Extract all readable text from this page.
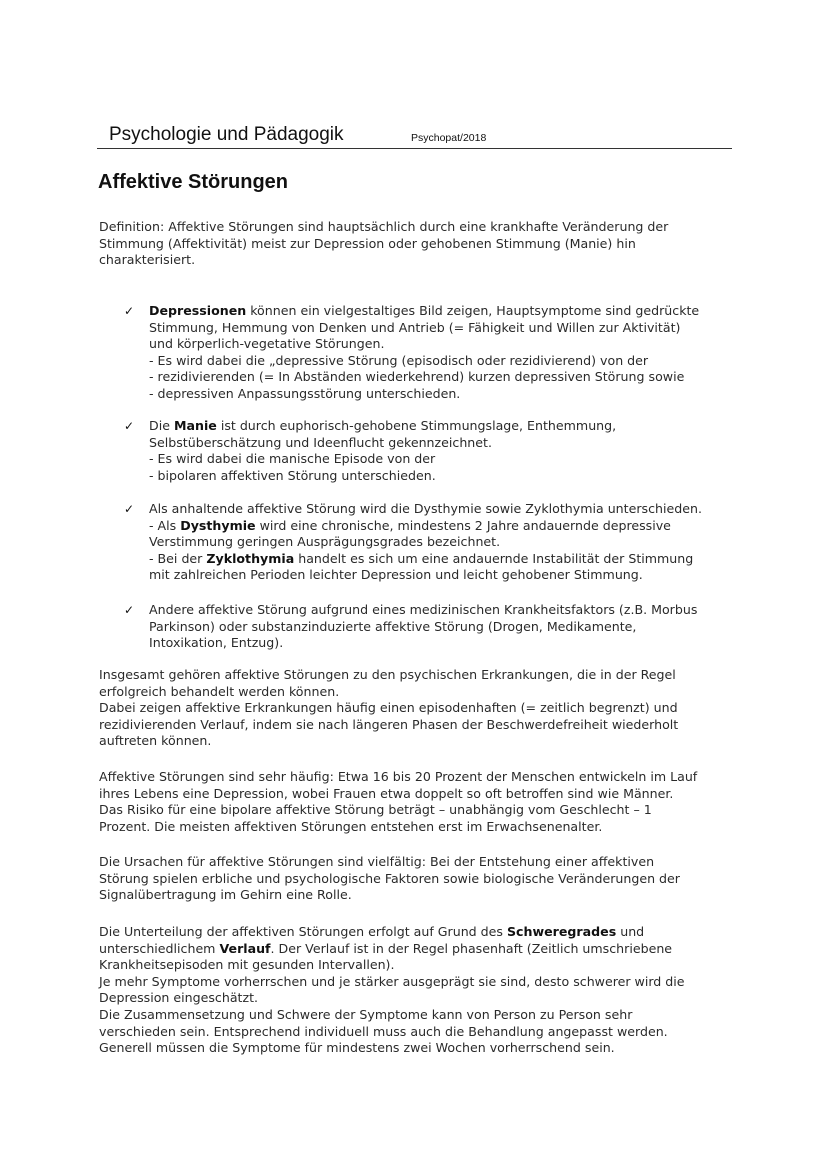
Psychologie und Pädagogik	Psychopat/2018
Affektive Störungen
Definition: Affektive Störungen sind hauptsächlich durch eine krankhafte Veränderung der
Stimmung (Affektivität) meist zur Depression oder gehobenen Stimmung (Manie) hin
charakterisiert.
✓	Depressionen können ein vielgestaltiges Bild zeigen, Hauptsymptome sind gedrückte
Stimmung, Hemmung von Denken und Antrieb (= Fähigkeit und Willen zur Aktivität)
und körperlich-vegetative Störungen.
- Es wird dabei die „depressive Störung (episodisch oder rezidivierend) von der
- rezidivierenden (= In Abständen wiederkehrend) kurzen depressiven Störung sowie
- depressiven Anpassungsstörung unterschieden.
✓	Die Manie ist durch euphorisch-gehobene Stimmungslage, Enthemmung,
Selbstüberschätzung und Ideenflucht gekennzeichnet.
- Es wird dabei die manische Episode von der
- bipolaren affektiven Störung unterschieden.
✓	Als anhaltende affektive Störung wird die Dysthymie sowie Zyklothymia unterschieden.
- Als Dysthymie wird eine chronische, mindestens 2 Jahre andauernde depressive
Verstimmung geringen Ausprägungsgrades bezeichnet.
- Bei der Zyklothymia handelt es sich um eine andauernde Instabilität der Stimmung
mit zahlreichen Perioden leichter Depression und leicht gehobener Stimmung.
✓	Andere affektive Störung aufgrund eines medizinischen Krankheitsfaktors (z.B. Morbus
Parkinson) oder substanzinduzierte affektive Störung (Drogen, Medikamente,
Intoxikation, Entzug).
Insgesamt gehören affektive Störungen zu den psychischen Erkrankungen, die in der Regel
erfolgreich behandelt werden können.
Dabei zeigen affektive Erkrankungen häufig einen episodenhaften (= zeitlich begrenzt) und
rezidivierenden Verlauf, indem sie nach längeren Phasen der Beschwerdefreiheit wiederholt
auftreten können.
Affektive Störungen sind sehr häufig: Etwa 16 bis 20 Prozent der Menschen entwickeln im Lauf
ihres Lebens eine Depression, wobei Frauen etwa doppelt so oft betroffen sind wie Männer.
Das Risiko für eine bipolare affektive Störung beträgt – unabhängig vom Geschlecht – 1
Prozent. Die meisten affektiven Störungen entstehen erst im Erwachsenenalter.
Die Ursachen für affektive Störungen sind vielfältig: Bei der Entstehung einer affektiven
Störung spielen erbliche und psychologische Faktoren sowie biologische Veränderungen der
Signalübertragung im Gehirn eine Rolle.
Die Unterteilung der affektiven Störungen erfolgt auf Grund des Schweregrades und
unterschiedlichem Verlauf. Der Verlauf ist in der Regel phasenhaft (Zeitlich umschriebene
Krankheitsepisoden mit gesunden Intervallen).
Je mehr Symptome vorherrschen und je stärker ausgeprägt sie sind, desto schwerer wird die
Depression eingeschätzt.
Die Zusammensetzung und Schwere der Symptome kann von Person zu Person sehr
verschieden sein. Entsprechend individuell muss auch die Behandlung angepasst werden.
Generell müssen die Symptome für mindestens zwei Wochen vorherrschend sein.
